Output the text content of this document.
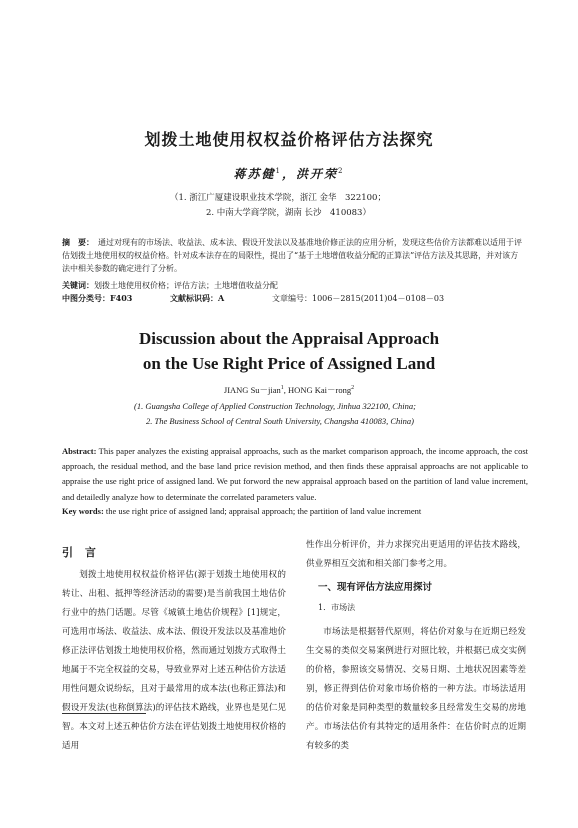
划拨土地使用权权益价格评估方法探究
蒋苏健$^1$，洪开荣$^2$
（1. 浙江广厦建设职业技术学院，浙江 金华　322100；
2. 中南大学商学院，湖南 长沙　410083）
摘　要： 通过对现有的市场法、收益法、成本法、假设开发法以及基准地价修正法的应用分析，发现这些估价方法都难以适用于评估划拨土地使用权的权益价格。针对成本法存在的局限性，提出了“基于土地增值收益分配的正算法”评估方法及其思路，并对该方法中相关参数的确定进行了分析。
关键词：划拨土地使用权价格；评估方法；土地增值收益分配
中图分类号：F403	文献标识码：A	文章编号：1006－2815(2011)04－0108－03
Discussion about the Appraisal Approach
on the Use Right Price of Assigned Land
JIANG Su－jian$^1$, HONG Kai－rong$^2$
(1. Guangsha College of Applied Construction Technology, Jinhua 322100, China;
2. The Business School of Central South University, Changsha 410083, China)
Abstract: This paper analyzes the existing appraisal approachs, such as the market comparison approach, the income approach, the cost approach, the residual method, and the base land price revision method, and then finds these appraisal approachs are not applicable to appraise the use right price of assigned land. We put forword the new appraisal approach based on the partition of land value increment, and detailedly analyze how to determinate the correlated parameters value.
Key words: the use right price of assigned land; appraisal approach; the partition of land value increment
引 言

划拨土地使用权权益价格评估(源于划拨土地使用权的转让、出租、抵押等经济活动的需要)是当前我国土地估价行业中的热门话题。尽管《城镇土地估价规程》[1]规定，可选用市场法、收益法、成本法、假设开发法以及基准地价修正法评估划拨土地使用权价格，然而通过划拨方式取得土地属于不完全权益的交易，导致业界对上述五种估价方法适用性问题众说纷纭，且对于最常用的成本法(也称正算法)和假设开发法(也称倒算法)的评估技术路线，业界也是见仁见智。本文对上述五种估价方法在评估划拨土地使用权价格的适用

性作出分析评价，并力求探究出更适用的评估技术路线，供业界相互交流和相关部门参考之用。

一、现有评估方法应用探讨
1．市场法

市场法是根据替代原则，将估价对象与在近期已经发生交易的类似交易案例进行对照比较，并根据已成交实例的价格，参照该交易情况、交易日期、土地状况因素等差别，修正得到估价对象市场价格的一种方法。市场法适用的估价对象是同种类型的数量较多且经常发生交易的房地产。市场法估价有其特定的适用条件：在估价时点的近期有较多的类
